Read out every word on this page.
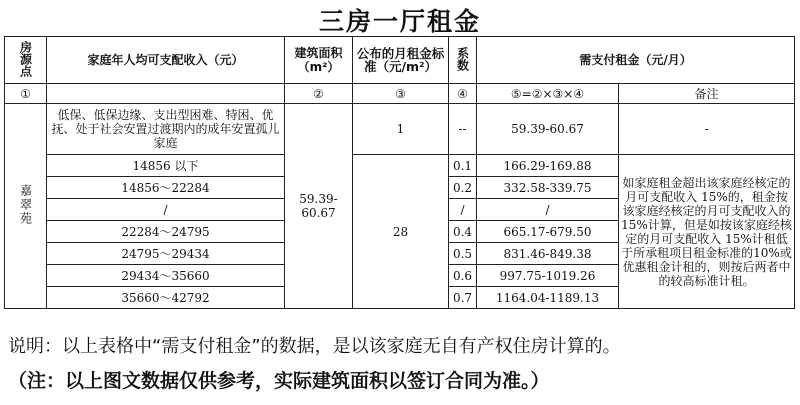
三房一厅租金
房源点	家庭年人均可支配收入（元）	建筑面积（m²）	公布的月租金标准（元/m²）	系数	需支付租金（元/月）	
①		②	③	④	⑤=②×③×④	备注
嘉翠苑	低保、低保边缘、支出型困难、特困、优抚、处于社会安置过渡期内的成年安置孤儿家庭	59.39-60.67	1	--	59.39-60.67	-
	14856 以下		28	0.1	166.29-169.88	如家庭租金超出该家庭经核定的月可支配收入 15%的，租金按该家庭经核定的月可支配收入的15%计算，但是如按该家庭经核定的月可支配收入 15%计租低于所承租项目租金标准的10%或优惠租金计租的，则按后两者中的较高标准计租。
	14856～22284			0.2	332.58-339.75	
	/			/	/	
	22284～24795			0.4	665.17-679.50	
	24795～29434			0.5	831.46-849.38	
	29434～35660			0.6	997.75-1019.26	
	35660～42792			0.7	1164.04-1189.13	
说明：以上表格中“需支付租金”的数据，是以该家庭无自有产权住房计算的。
（注：以上图文数据仅供参考，实际建筑面积以签订合同为准。）
